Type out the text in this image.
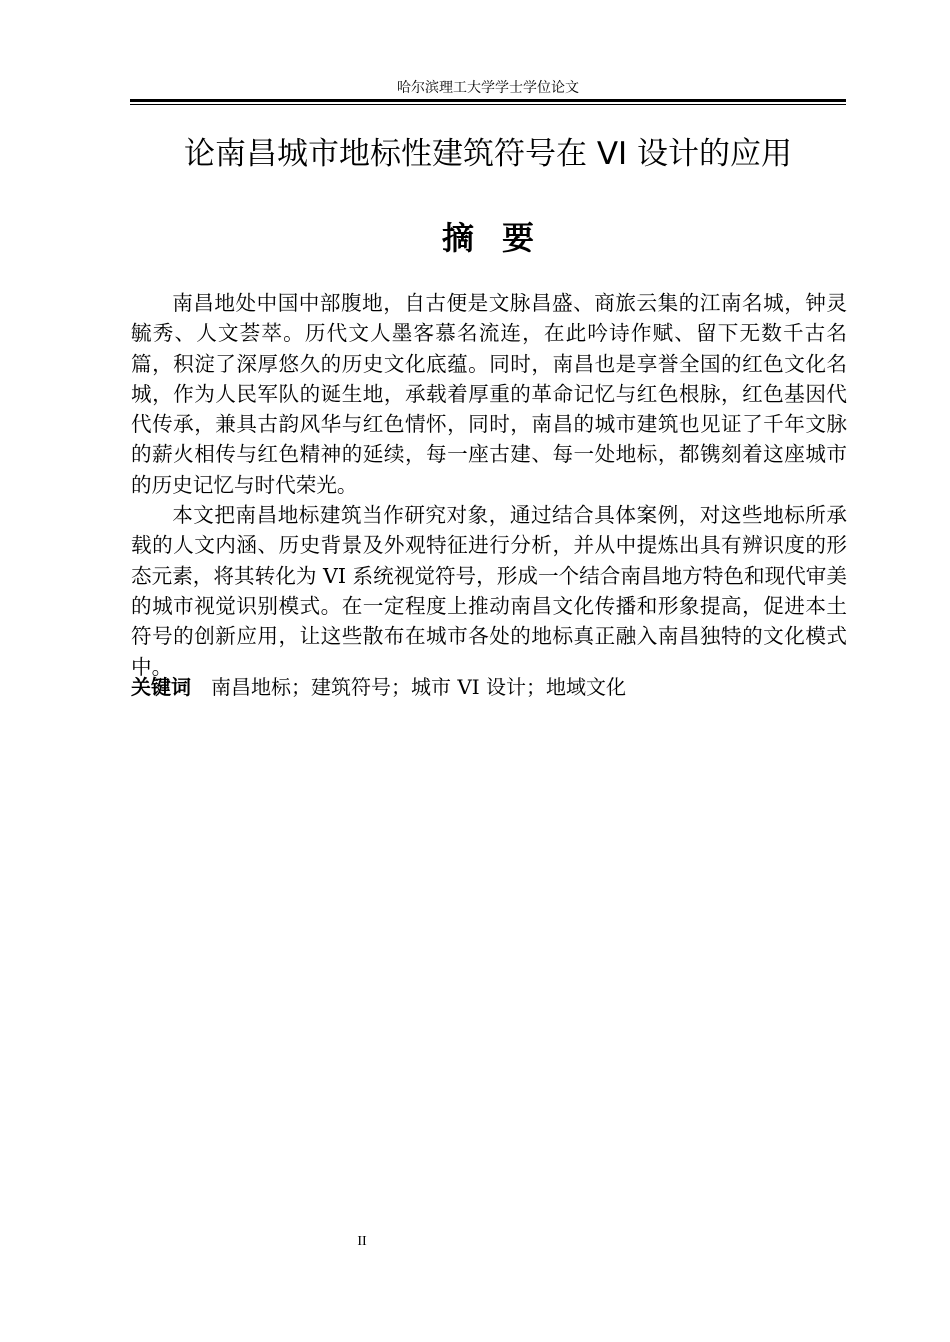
哈尔滨理工大学学士学位论文
论南昌城市地标性建筑符号在 VI 设计的应用
摘要

南昌地处中国中部腹地，自古便是文脉昌盛、商旅云集的江南名城，钟灵毓秀、人文荟萃。历代文人墨客慕名流连，在此吟诗作赋、留下无数千古名篇，积淀了深厚悠久的历史文化底蕴。同时，南昌也是享誉全国的红色文化名城，作为人民军队的诞生地，承载着厚重的革命记忆与红色根脉，红色基因代代传承，兼具古韵风华与红色情怀，同时，南昌的城市建筑也见证了千年文脉的薪火相传与红色精神的延续，每一座古建、每一处地标，都镌刻着这座城市的历史记忆与时代荣光。

本文把南昌地标建筑当作研究对象，通过结合具体案例，对这些地标所承载的人文内涵、历史背景及外观特征进行分析，并从中提炼出具有辨识度的形态元素，将其转化为 VI 系统视觉符号，形成一个结合南昌地方特色和现代审美的城市视觉识别模式。在一定程度上推动南昌文化传播和形象提高，促进本土符号的创新应用，让这些散布在城市各处的地标真正融入南昌独特的文化模式中。

关键词 南昌地标；建筑符号；城市 VI 设计；地域文化
II
